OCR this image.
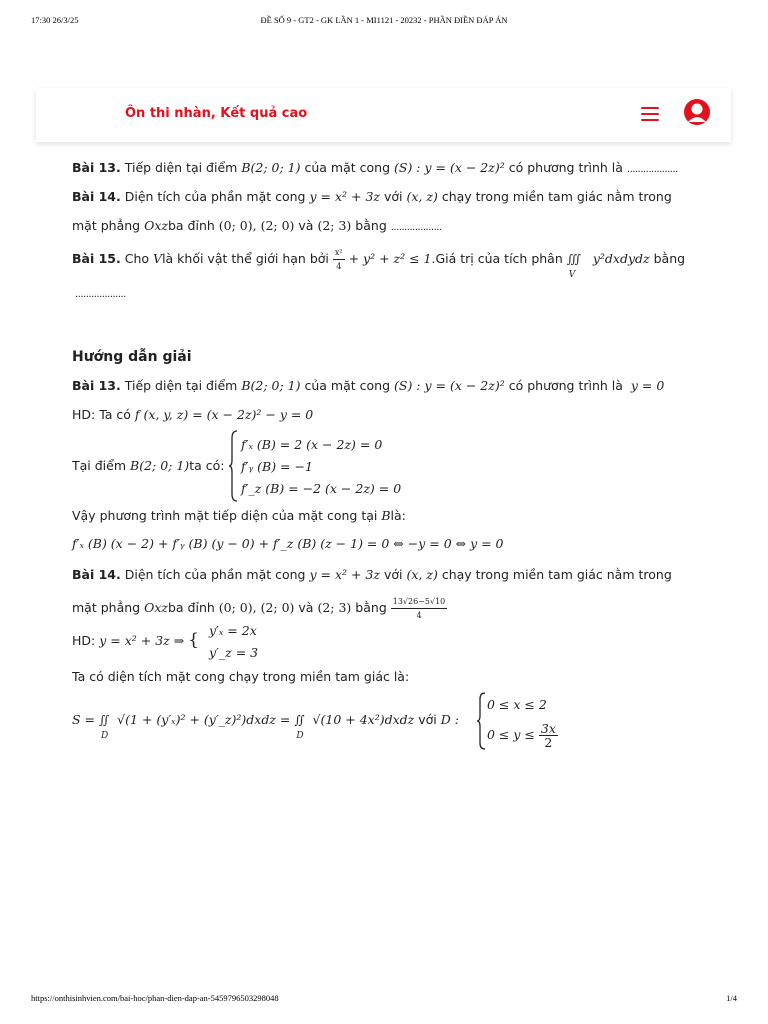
17:30 26/3/25	ĐỀ SỐ 9 - GT2 - GK LẦN 1 - MI1121 - 20232 - PHẦN ĐIỀN ĐÁP ÁN
Ôn thi nhàn, Kết quả cao
Bài 13. Tiếp diện tại điểm B(2; 0; 1) của mặt cong (S) : y = (x − 2z)² có phương trình là ...................
Bài 14. Diện tích của phần mặt cong y = x² + 3z với (x, z) chạy trong miền tam giác nằm trong
mặt phẳng Oxzba đỉnh (0; 0), (2; 0) và (2; 3) bằng ...................
Bài 15. Cho Vlà khối vật thể giới hạn bởi $\frac{\text{x²}}{4} + y^2 + z^2$ ≤ 1.Giá trị của tích phân ∭
V
y²dxdydz bằng
...................
Hướng dẫn giải
Bài 13. Tiếp diện tại điểm B(2; 0; 1) của mặt cong (S) : y = (x − 2z)² có phương trình là y = 0
HD: Ta có f (x, y, z) = (x − 2z)² − y = 0
Tại điểm B(2; 0; 1)ta có:
f′ₓ (B) = 2 (x − 2z) = 0
f′ᵧ (B) = −1
f′_z (B) = −2 (x − 2z) = 0
Vậy phương trình mặt tiếp diện của mặt cong tại Blà:
f′ₓ (B) (x − 2) + f′ᵧ (B) (y − 0) + f′_z (B) (z − 1) = 0 ⇔ −y = 0 ⇔ y = 0
Bài 14. Diện tích của phần mặt cong y = x² + 3z với (x, z) chạy trong miền tam giác nằm trong
mặt phẳng Oxzba đỉnh (0; 0), (2; 0) và (2; 3) bằng $\frac{13√26-5√10}{4}$
HD: y = x² + 3z ⇒ { y′ₓ = 2x
y′_z = 3
Ta có diện tích mặt cong chạy trong miền tam giác là:
S = ∬
D
√(1 + (y′ₓ)² + (y′_z)²)dxdz = ∬
D
√(10 + 4x²)dxdz với D :
0 ≤ x ≤ 2
$0 \le y \le \frac{3x}{2}$
https://onthisinhvien.com/bai-hoc/phan-dien-dap-an-5459796503298048	1/4
